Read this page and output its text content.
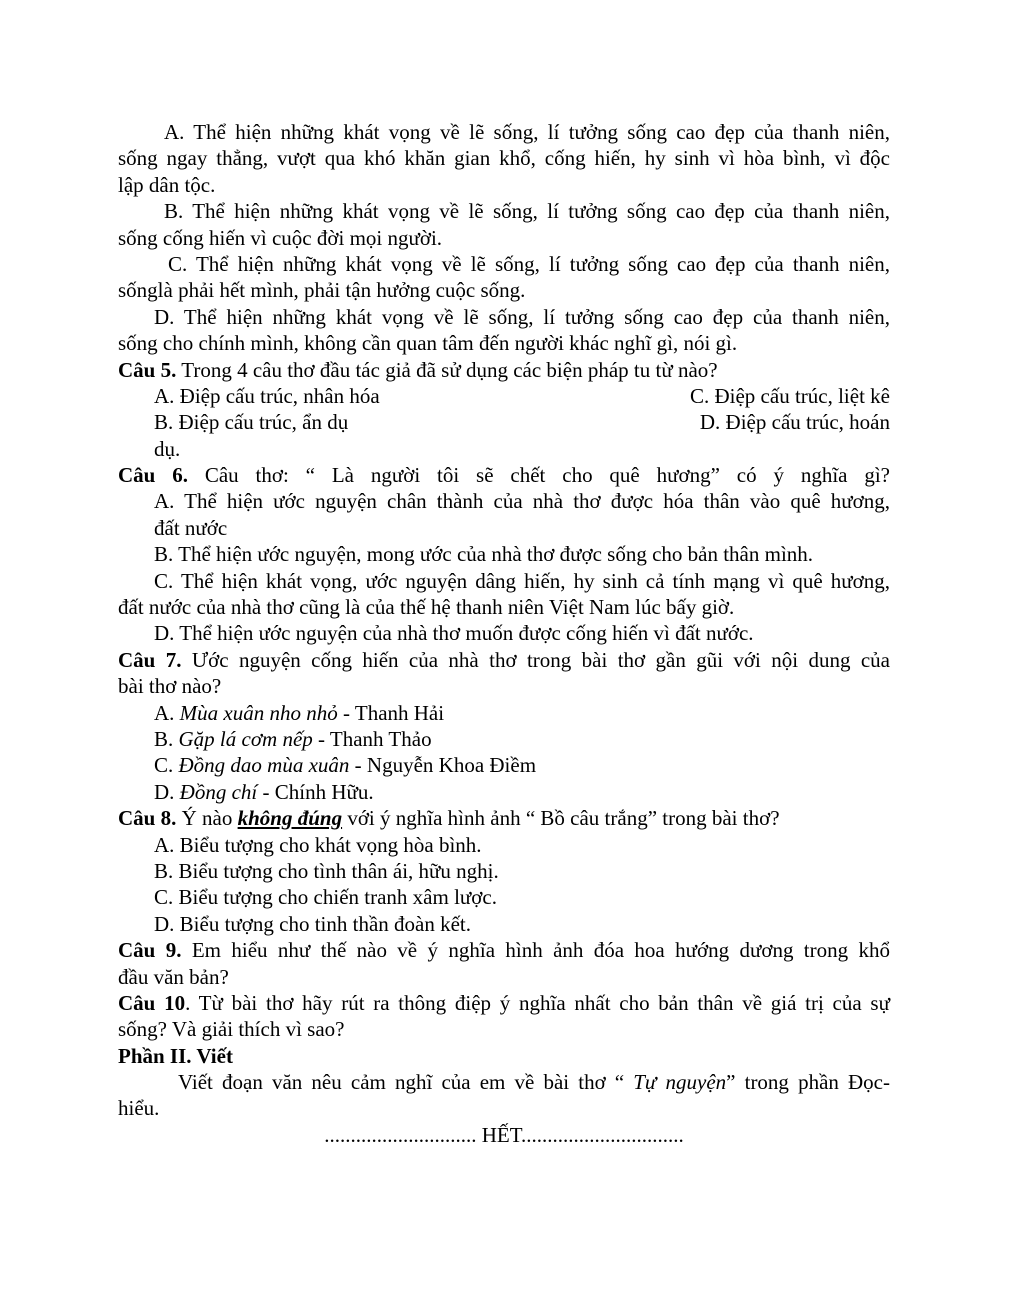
A. Thể hiện những khát vọng về lẽ sống, lí tưởng sống cao đẹp của thanh niên,
sống ngay thẳng, vượt qua khó khăn gian khổ, cống hiến, hy sinh vì hòa bình, vì độc
lập dân tộc.
B. Thể hiện những khát vọng về lẽ sống, lí tưởng sống cao đẹp của thanh niên,
sống cống hiến vì cuộc đời mọi người.
C. Thể hiện những khát vọng về lẽ sống, lí tưởng sống cao đẹp của thanh niên,
sốnglà phải hết mình, phải tận hưởng cuộc sống.
D. Thể hiện những khát vọng về lẽ sống, lí tưởng sống cao đẹp của thanh niên,
sống cho chính mình, không cần quan tâm đến người khác nghĩ gì, nói gì.
Câu 5. Trong 4 câu thơ đầu tác giả đã sử dụng các biện pháp tu từ nào?
A. Điệp cấu trúc, nhân hóa	C. Điệp cấu trúc, liệt kê
B. Điệp cấu trúc, ẩn dụ	D. Điệp cấu trúc, hoán
dụ.
Câu 6. Câu thơ: “ Là người tôi sẽ chết cho quê hương” có ý nghĩa gì?
A. Thể hiện ước nguyện chân thành của nhà thơ được hóa thân vào quê hương,
đất nước
B. Thể hiện ước nguyện, mong ước của nhà thơ được sống cho bản thân mình.
C. Thể hiện khát vọng, ước nguyện dâng hiến, hy sinh cả tính mạng vì quê hương,
đất nước của nhà thơ cũng là của thế hệ thanh niên Việt Nam lúc bấy giờ.
D. Thể hiện ước nguyện của nhà thơ muốn được cống hiến vì đất nước.
Câu 7. Ước nguyện cống hiến của nhà thơ trong bài thơ gần gũi với nội dung của
bài thơ nào?
A. Mùa xuân nho nhỏ - Thanh Hải
B. Gặp lá cơm nếp - Thanh Thảo
C. Đồng dao mùa xuân - Nguyễn Khoa Điềm
D. Đồng chí - Chính Hữu.
Câu 8. Ý nào không đúng với ý nghĩa hình ảnh “ Bồ câu trắng” trong bài thơ?
A. Biểu tượng cho khát vọng hòa bình.
B. Biểu tượng cho tình thân ái, hữu nghị.
C. Biểu tượng cho chiến tranh xâm lược.
D. Biểu tượng cho tinh thần đoàn kết.
Câu 9. Em hiểu như thế nào về ý nghĩa hình ảnh đóa hoa hướng dương trong khổ
đầu văn bản?
Câu 10. Từ bài thơ hãy rút ra thông điệp ý nghĩa nhất cho bản thân về giá trị của sự
sống? Và giải thích vì sao?
Phần II. Viết
Viết đoạn văn nêu cảm nghĩ của em về bài thơ “ Tự nguyện” trong phần Đọc-
hiểu.
............................. HẾT...............................
